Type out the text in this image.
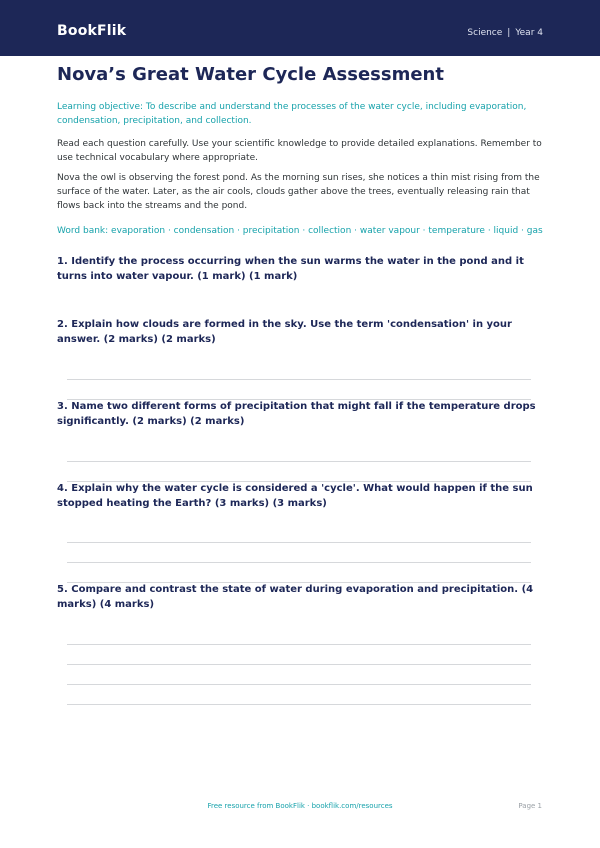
BookFlik	Science | Year 4
Nova’s Great Water Cycle Assessment

Learning objective: To describe and understand the processes of the water cycle, including evaporation, condensation, precipitation, and collection.

Read each question carefully. Use your scientific knowledge to provide detailed explanations. Remember to use technical vocabulary where appropriate.

Nova the owl is observing the forest pond. As the morning sun rises, she notices a thin mist rising from the surface of the water. Later, as the air cools, clouds gather above the trees, eventually releasing rain that flows back into the streams and the pond.

Word bank: evaporation · condensation · precipitation · collection · water vapour · temperature · liquid · gas

1. Identify the process occurring when the sun warms the water in the pond and it turns into water vapour. (1 mark) (1 mark)

2. Explain how clouds are formed in the sky. Use the term 'condensation' in your answer. (2 marks) (2 marks)

3. Name two different forms of precipitation that might fall if the temperature drops significantly. (2 marks) (2 marks)

4. Explain why the water cycle is considered a 'cycle'. What would happen if the sun stopped heating the Earth? (3 marks) (3 marks)

5. Compare and contrast the state of water during evaporation and precipitation. (4 marks) (4 marks)

Free resource from BookFlik · bookflik.com/resources	Page 1
